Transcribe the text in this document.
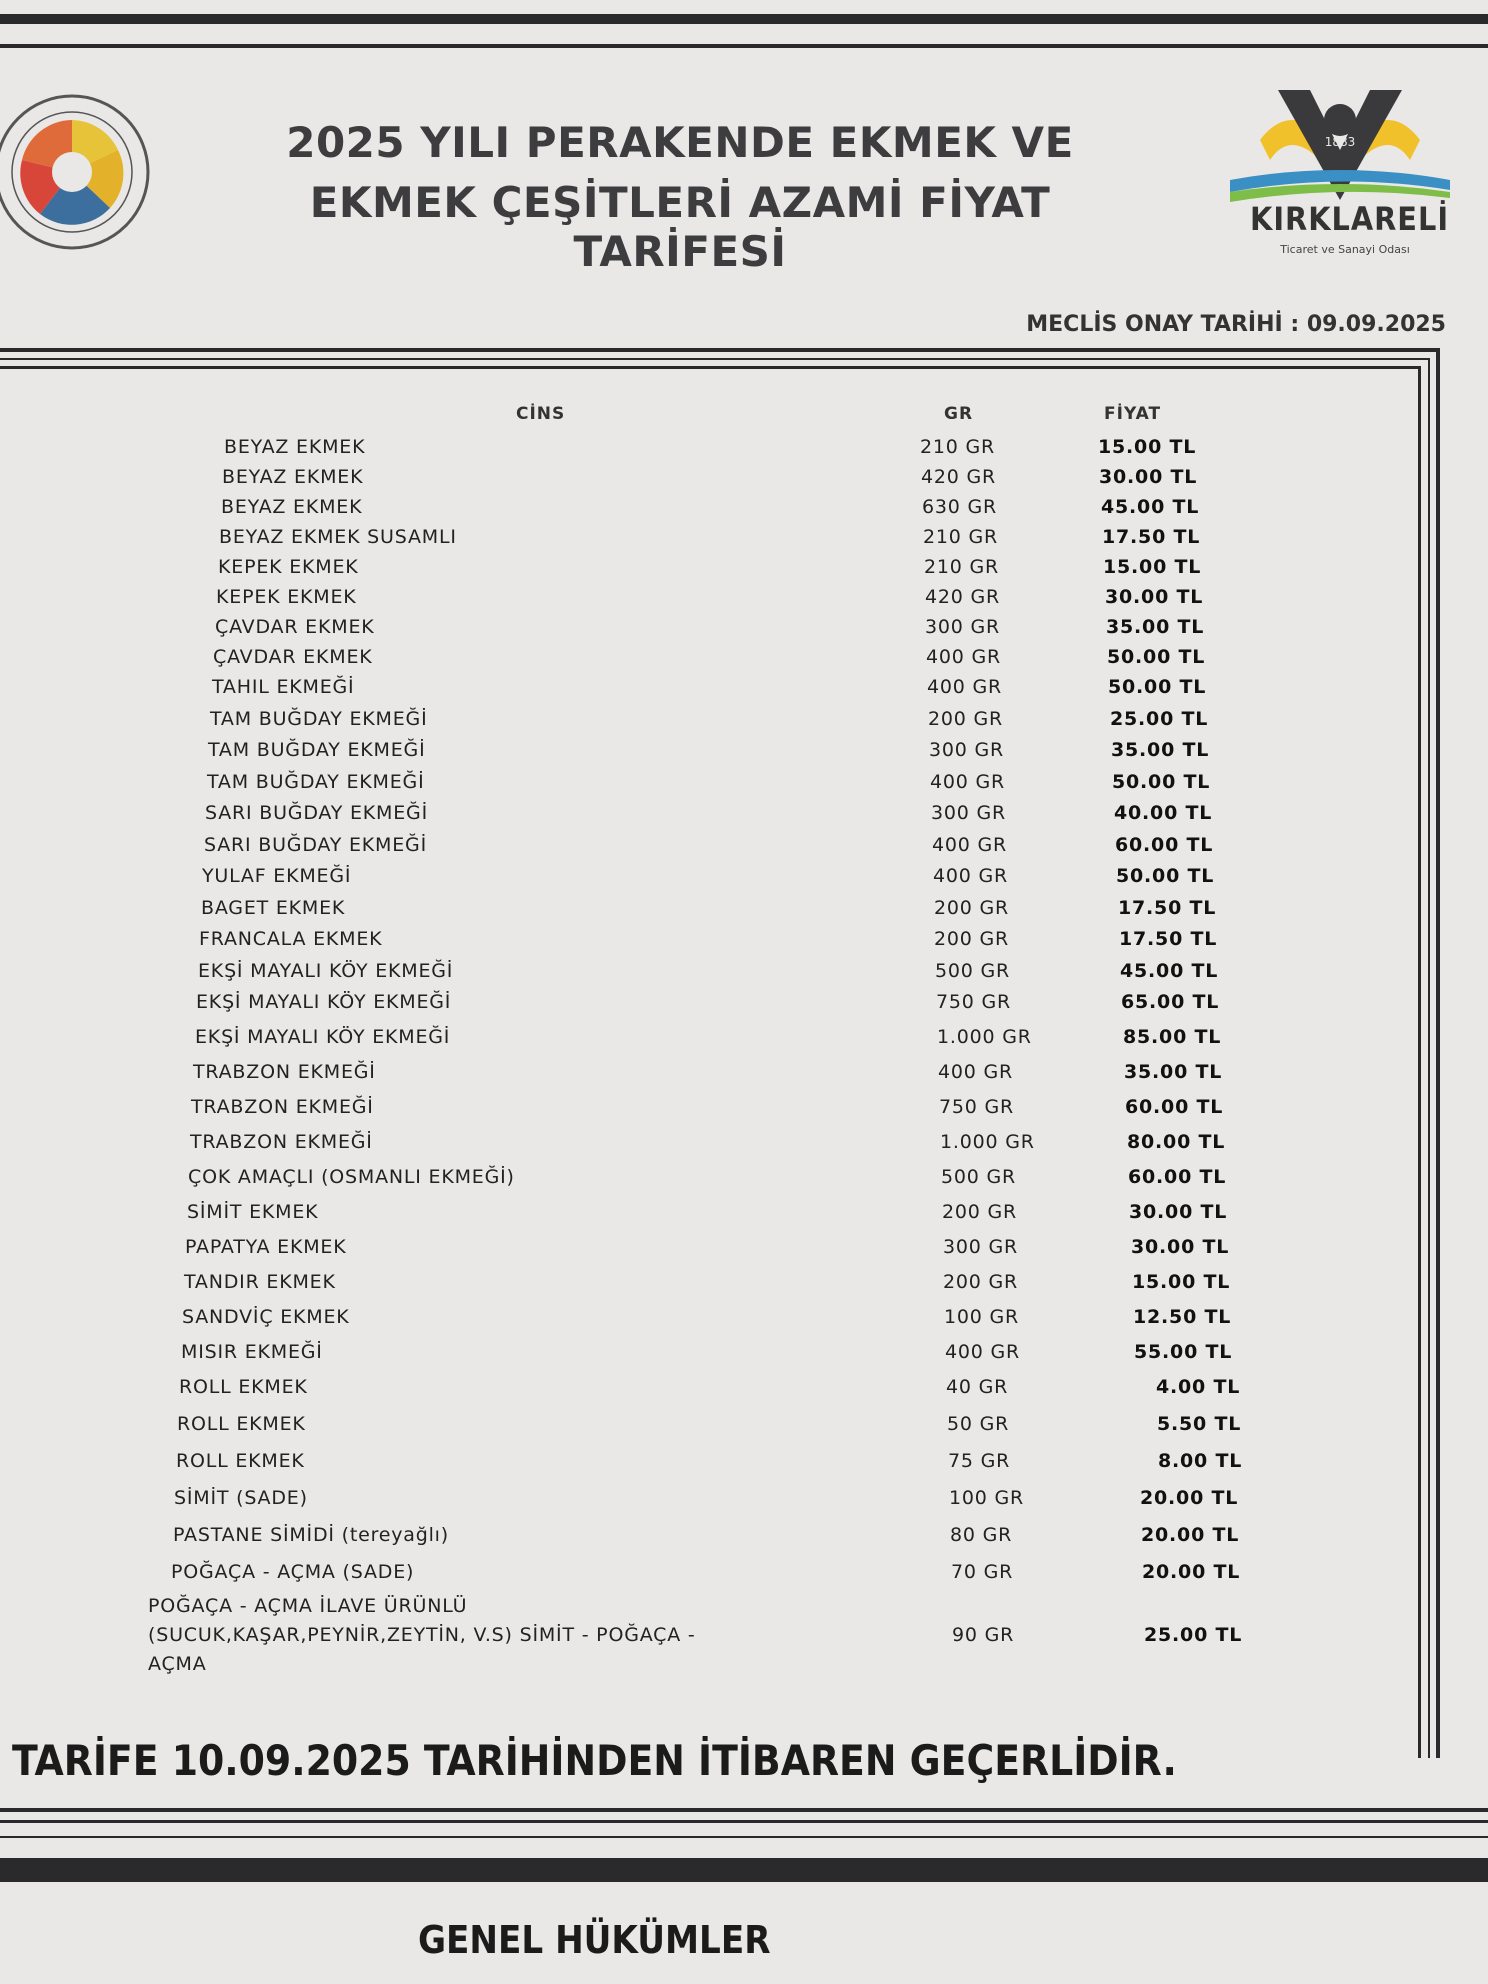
2025 YILI PERAKENDE EKMEK VE
EKMEK ÇEŞİTLERİ AZAMİ FİYAT TARİFESİ
1883
KIRKLARELİ
Ticaret ve Sanayi Odası
MECLİS ONAY TARİHİ : 09.09.2025
CİNS	GR	FİYAT
BEYAZ EKMEK	210 GR	15.00 TL
BEYAZ EKMEK	420 GR	30.00 TL
BEYAZ EKMEK	630 GR	45.00 TL
BEYAZ EKMEK SUSAMLI	210 GR	17.50 TL
KEPEK EKMEK	210 GR	15.00 TL
KEPEK EKMEK	420 GR	30.00 TL
ÇAVDAR EKMEK	300 GR	35.00 TL
ÇAVDAR EKMEK	400 GR	50.00 TL
TAHIL EKMEĞİ	400 GR	50.00 TL
TAM BUĞDAY EKMEĞİ	200 GR	25.00 TL
TAM BUĞDAY EKMEĞİ	300 GR	35.00 TL
TAM BUĞDAY EKMEĞİ	400 GR	50.00 TL
SARI BUĞDAY EKMEĞİ	300 GR	40.00 TL
SARI BUĞDAY EKMEĞİ	400 GR	60.00 TL
YULAF EKMEĞİ	400 GR	50.00 TL
BAGET EKMEK	200 GR	17.50 TL
FRANCALA EKMEK	200 GR	17.50 TL
EKŞİ MAYALI KÖY EKMEĞİ	500 GR	45.00 TL
EKŞİ MAYALI KÖY EKMEĞİ	750 GR	65.00 TL
EKŞİ MAYALI KÖY EKMEĞİ	1.000 GR	85.00 TL
TRABZON EKMEĞİ	400 GR	35.00 TL
TRABZON EKMEĞİ	750 GR	60.00 TL
TRABZON EKMEĞİ	1.000 GR	80.00 TL
ÇOK AMAÇLI (OSMANLI EKMEĞİ)	500 GR	60.00 TL
SİMİT EKMEK	200 GR	30.00 TL
PAPATYA EKMEK	300 GR	30.00 TL
TANDIR EKMEK	200 GR	15.00 TL
SANDVİÇ EKMEK	100 GR	12.50 TL
MISIR EKMEĞİ	400 GR	55.00 TL
ROLL EKMEK	40 GR	4.00 TL
ROLL EKMEK	50 GR	5.50 TL
ROLL EKMEK	75 GR	8.00 TL
SİMİT (SADE)	100 GR	20.00 TL
PASTANE SİMİDİ (tereyağlı)	80 GR	20.00 TL
POĞAÇA - AÇMA (SADE)	70 GR	20.00 TL
POĞAÇA - AÇMA İLAVE ÜRÜNLÜ
(SUCUK,KAŞAR,PEYNİR,ZEYTİN, V.S) SİMİT - POĞAÇA -
AÇMA
90 GR	25.00 TL
TARİFE 10.09.2025 TARİHİNDEN İTİBAREN GEÇERLİDİR.
GENEL HÜKÜMLER
